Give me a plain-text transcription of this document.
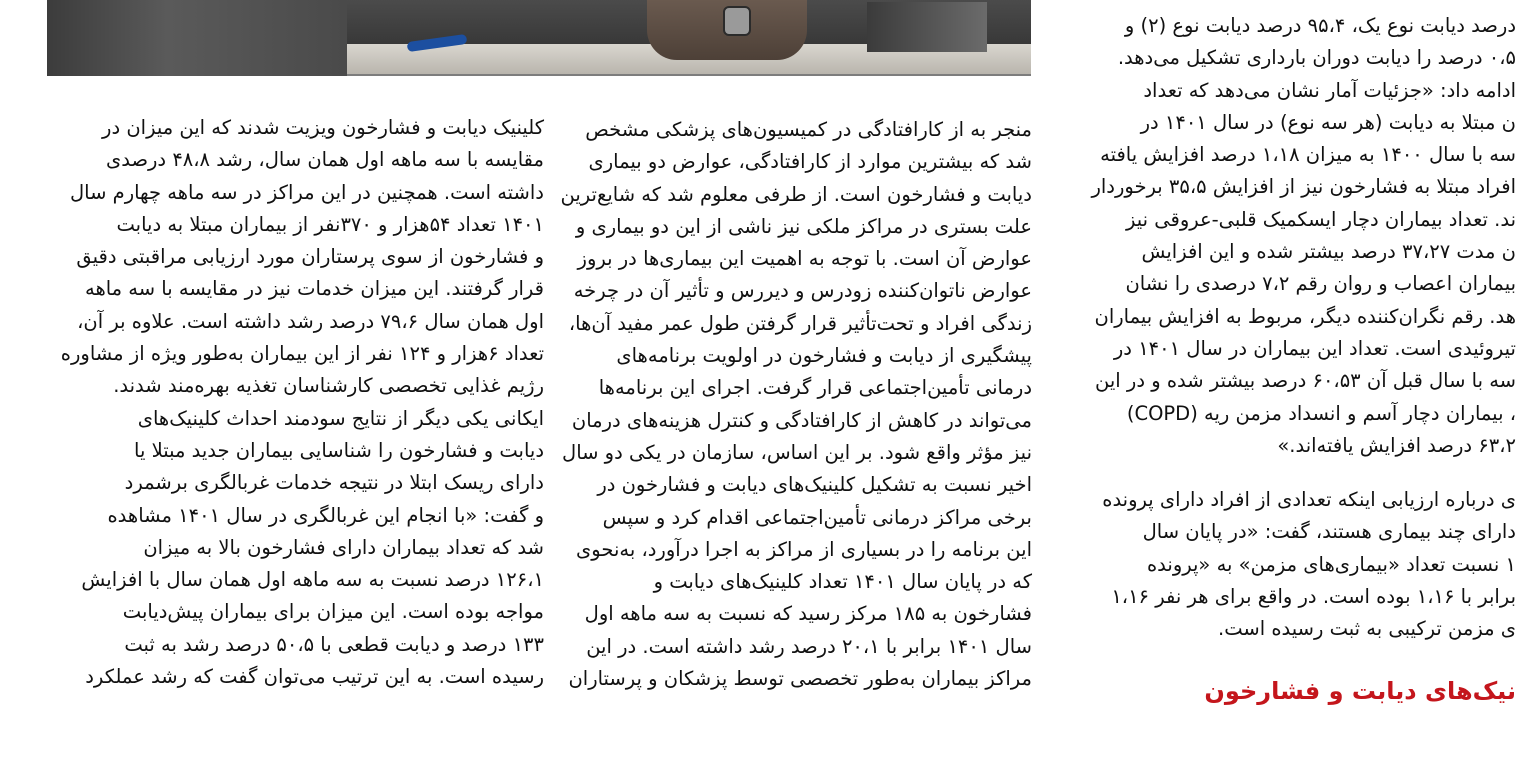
درصد دیابت نوع یک، ۹۵،۴ درصد دیابت نوع (۲) و

۰،۵ درصد را دیابت دوران بارداری تشکیل می‌دهد.

ادامه داد: «جزئیات آمار نشان می‌دهد که تعداد

ن مبتلا به دیابت (هر سه نوع) در سال ۱۴۰۱ در

سه با سال ۱۴۰۰ به میزان ۱،۱۸ درصد افزایش یافته

افراد مبتلا به فشارخون نیز از افزایش ۳۵،۵ برخوردار

ند. تعداد بیماران دچار ایسکمیک قلبی-عروقی نیز

ن مدت ۳۷،۲۷ درصد بیشتر شده و این افزایش

بیماران اعصاب و روان رقم ۷،۲ درصدی را نشان

هد. رقم نگران‌کننده دیگر، مربوط به افزایش بیماران

تیروئیدی است. تعداد این بیماران در سال ۱۴۰۱ در

سه با سال قبل آن ۶۰،۵۳ درصد بیشتر شده و در این

، بیماران دچار آسم و انسداد مزمن ریه (COPD)

۶۳،۲ درصد افزایش یافته‌اند.»

ی درباره ارزیابی اینکه تعدادی از افراد دارای پرونده

دارای چند بیماری هستند، گفت: «در پایان سال

۱ نسبت تعداد «بیماری‌های مزمن» به «پرونده

برابر با ۱،۱۶ بوده است. در واقع برای هر نفر ۱،۱۶

ی مزمن ترکیبی به ثبت رسیده است.

نیک‌های دیابت و فشارخون

منجر به از کارافتادگی در کمیسیون‌های پزشکی مشخص

شد که بیشترین موارد از کارافتادگی، عوارض دو بیماری

دیابت و فشارخون است. از طرفی معلوم شد که شایع‌ترین

علت بستری در مراکز ملکی نیز ناشی از این دو بیماری و

عوارض آن است. با توجه به اهمیت این بیماری‌ها در بروز

عوارض ناتوان‌کننده زودرس و دیررس و تأثیر آن در چرخه

زندگی افراد و تحت‌تأثیر قرار گرفتن طول عمر مفید آن‌ها،

پیشگیری از دیابت و فشارخون در اولویت برنامه‌های

درمانی تأمین‌اجتماعی قرار گرفت. اجرای این برنامه‌ها

می‌تواند در کاهش از کارافتادگی و کنترل هزینه‌های درمان

نیز مؤثر واقع شود. بر این اساس، سازمان در یکی دو سال

اخیر نسبت به تشکیل کلینیک‌های دیابت و فشارخون در

برخی مراکز درمانی تأمین‌اجتماعی اقدام کرد و سپس

این برنامه را در بسیاری از مراکز به اجرا درآورد، به‌نحوی

که در پایان سال ۱۴۰۱ تعداد کلینیک‌های دیابت و

فشارخون به ۱۸۵ مرکز رسید که نسبت به سه ماهه اول

سال ۱۴۰۱ برابر با ۲۰،۱ درصد رشد داشته است. در این

مراکز بیماران به‌طور تخصصی توسط پزشکان و پرستاران

کلینیک دیابت و فشارخون ویزیت شدند که این میزان در

مقایسه با سه ماهه اول همان سال، رشد ۴۸،۸ درصدی

داشته است. همچنین در این مراکز در سه ماهه چهارم سال

۱۴۰۱ تعداد ۵۴هزار و ۳۷۰نفر از بیماران مبتلا به دیابت

و فشارخون از سوی پرستاران مورد ارزیابی مراقبتی دقیق

قرار گرفتند. این میزان خدمات نیز در مقایسه با سه ماهه

اول همان سال ۷۹،۶ درصد رشد داشته است. علاوه بر آن،

تعداد ۶هزار و ۱۲۴ نفر از این بیماران به‌طور ویژه از مشاوره

رژیم غذایی تخصصی کارشناسان تغذیه بهره‌مند شدند.

ایکانی یکی دیگر از نتایج سودمند احداث کلینیک‌های

دیابت و فشارخون را شناسایی بیماران جدید مبتلا یا

دارای ریسک ابتلا در نتیجه خدمات غربالگری برشمرد

و گفت: «با انجام این غربالگری در سال ۱۴۰۱ مشاهده

شد که تعداد بیماران دارای فشارخون بالا به میزان

۱۲۶،۱ درصد نسبت به سه ماهه اول همان سال با افزایش

مواجه بوده است. این میزان برای بیماران پیش‌دیابت

۱۳۳ درصد و دیابت قطعی با ۵۰،۵ درصد رشد به ثبت

رسیده است. به این ترتیب می‌توان گفت که رشد عملکرد
